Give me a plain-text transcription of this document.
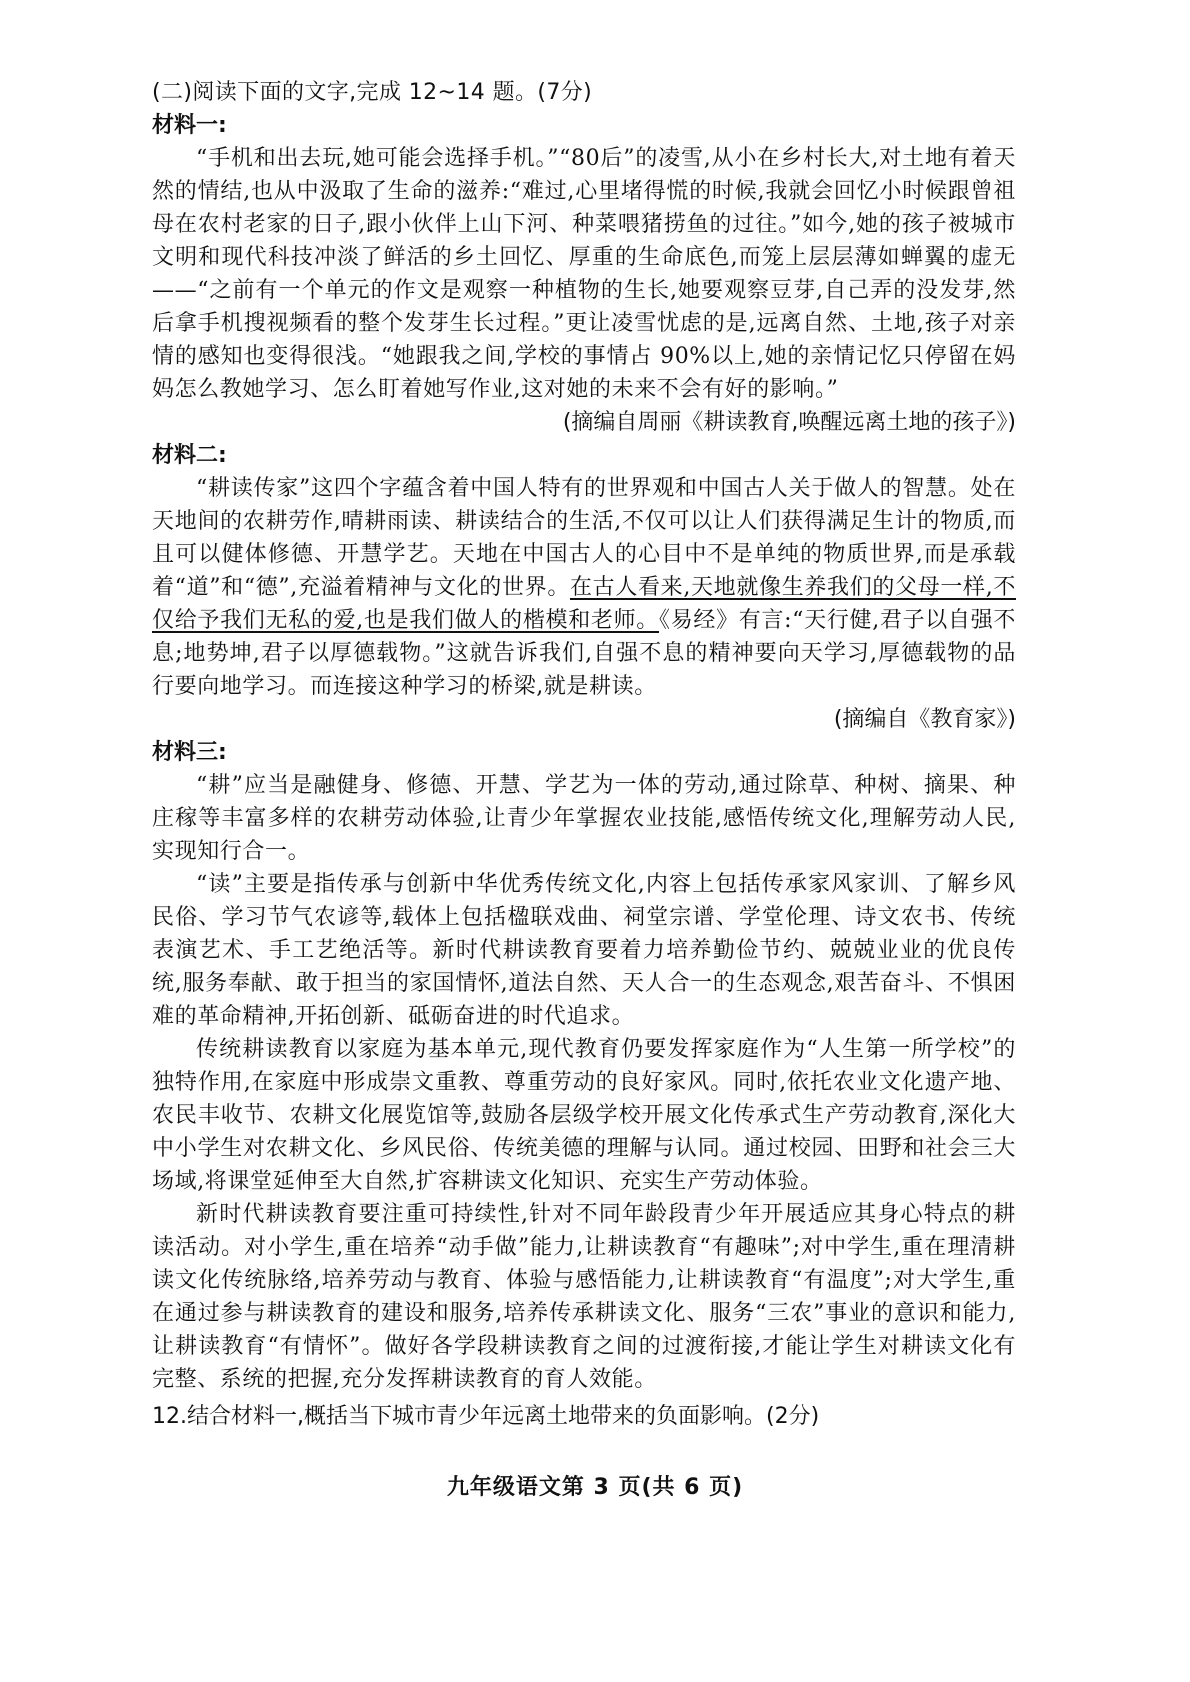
(二)阅读下面的文字,完成 12~14 题。(7分)
材料一:

“手机和出去玩,她可能会选择手机。”“80后”的凌雪,从小在乡村长大,对土地有着天然的情结,也从中汲取了生命的滋养:“难过,心里堵得慌的时候,我就会回忆小时候跟曾祖母在农村老家的日子,跟小伙伴上山下河、种菜喂猪捞鱼的过往。”如今,她的孩子被城市文明和现代科技冲淡了鲜活的乡土回忆、厚重的生命底色,而笼上层层薄如蝉翼的虚无——“之前有一个单元的作文是观察一种植物的生长,她要观察豆芽,自己弄的没发芽,然后拿手机搜视频看的整个发芽生长过程。”更让凌雪忧虑的是,远离自然、土地,孩子对亲情的感知也变得很浅。“她跟我之间,学校的事情占 90%以上,她的亲情记忆只停留在妈妈怎么教她学习、怎么盯着她写作业,这对她的未来不会有好的影响。”

(摘编自周丽《耕读教育,唤醒远离土地的孩子》)
材料二:

“耕读传家”这四个字蕴含着中国人特有的世界观和中国古人关于做人的智慧。处在天地间的农耕劳作,晴耕雨读、耕读结合的生活,不仅可以让人们获得满足生计的物质,而且可以健体修德、开慧学艺。天地在中国古人的心目中不是单纯的物质世界,而是承载着“道”和“德”,充溢着精神与文化的世界。在古人看来,天地就像生养我们的父母一样,不仅给予我们无私的爱,也是我们做人的楷模和老师。《易经》有言:“天行健,君子以自强不息;地势坤,君子以厚德载物。”这就告诉我们,自强不息的精神要向天学习,厚德载物的品行要向地学习。而连接这种学习的桥梁,就是耕读。

(摘编自《教育家》)
材料三:

“耕”应当是融健身、修德、开慧、学艺为一体的劳动,通过除草、种树、摘果、种庄稼等丰富多样的农耕劳动体验,让青少年掌握农业技能,感悟传统文化,理解劳动人民,实现知行合一。

“读”主要是指传承与创新中华优秀传统文化,内容上包括传承家风家训、了解乡风民俗、学习节气农谚等,载体上包括楹联戏曲、祠堂宗谱、学堂伦理、诗文农书、传统表演艺术、手工艺绝活等。新时代耕读教育要着力培养勤俭节约、兢兢业业的优良传统,服务奉献、敢于担当的家国情怀,道法自然、天人合一的生态观念,艰苦奋斗、不惧困难的革命精神,开拓创新、砥砺奋进的时代追求。

传统耕读教育以家庭为基本单元,现代教育仍要发挥家庭作为“人生第一所学校”的独特作用,在家庭中形成崇文重教、尊重劳动的良好家风。同时,依托农业文化遗产地、农民丰收节、农耕文化展览馆等,鼓励各层级学校开展文化传承式生产劳动教育,深化大中小学生对农耕文化、乡风民俗、传统美德的理解与认同。通过校园、田野和社会三大场域,将课堂延伸至大自然,扩容耕读文化知识、充实生产劳动体验。

新时代耕读教育要注重可持续性,针对不同年龄段青少年开展适应其身心特点的耕读活动。对小学生,重在培养“动手做”能力,让耕读教育“有趣味”;对中学生,重在理清耕读文化传统脉络,培养劳动与教育、体验与感悟能力,让耕读教育“有温度”;对大学生,重在通过参与耕读教育的建设和服务,培养传承耕读文化、服务“三农”事业的意识和能力,让耕读教育“有情怀”。做好各学段耕读教育之间的过渡衔接,才能让学生对耕读文化有完整、系统的把握,充分发挥耕读教育的育人效能。

12.结合材料一,概括当下城市青少年远离土地带来的负面影响。(2分)
九年级语文第 3 页(共 6 页)
